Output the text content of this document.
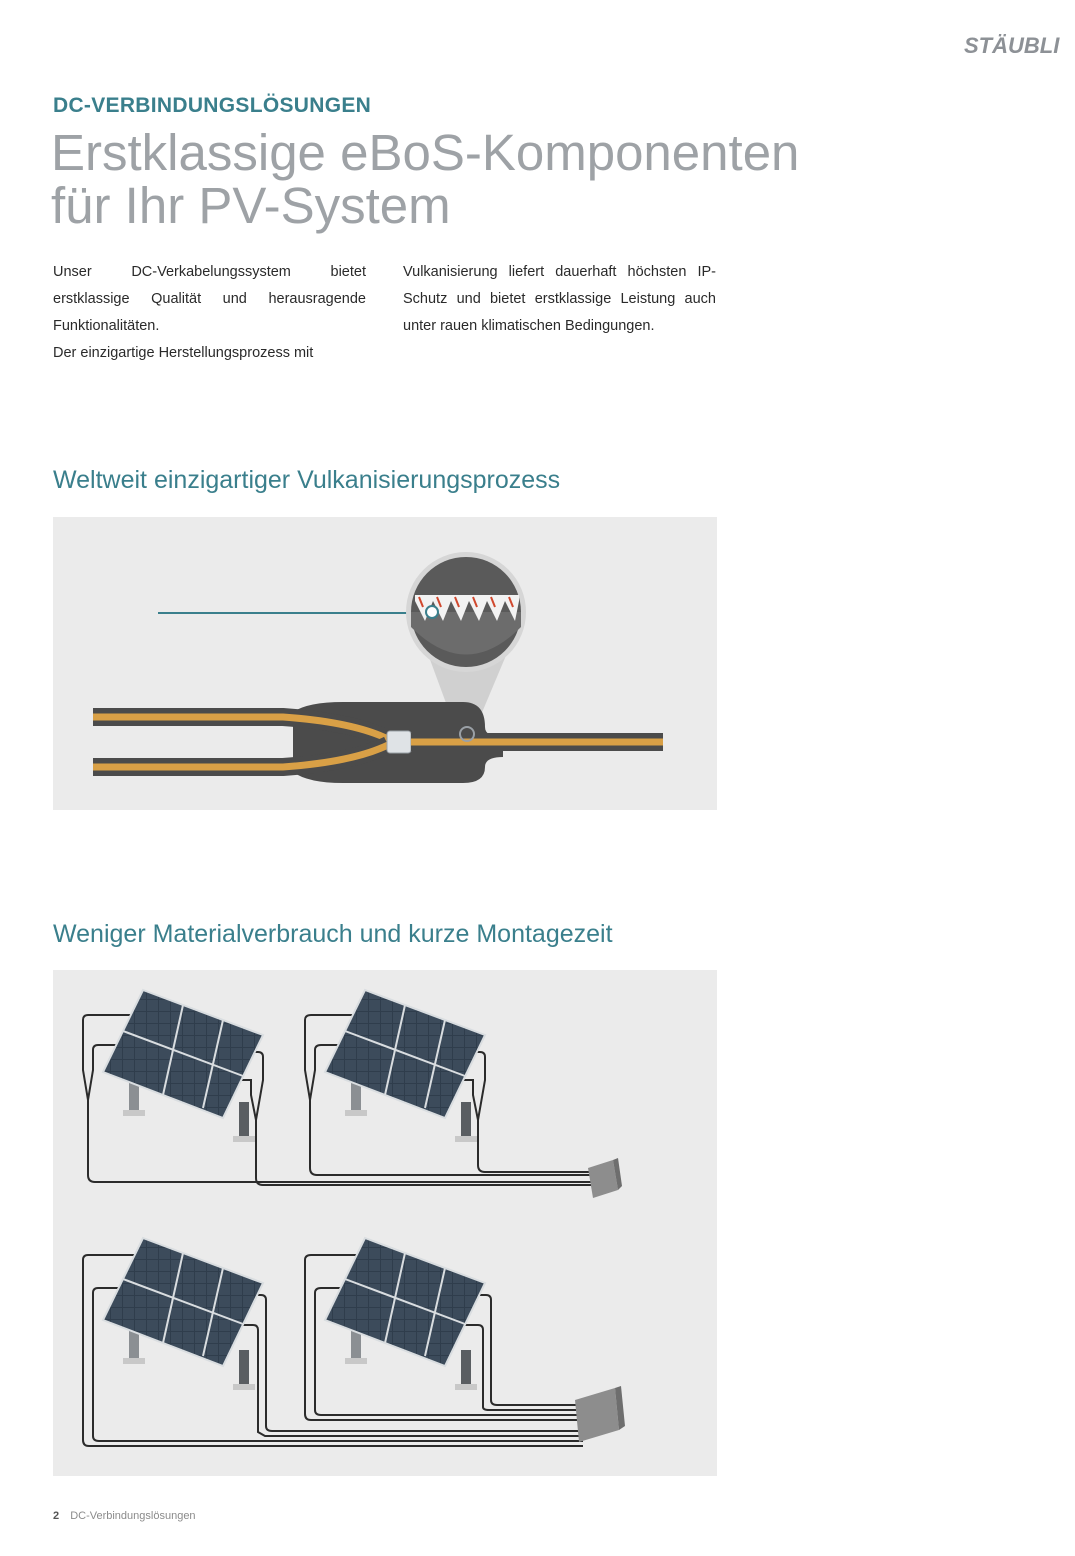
STÄUBLI
DC-VERBINDUNGSLÖSUNGEN
Erstklassige eBoS-Komponenten
für Ihr PV-System

Unser DC-Verkabelungssystem bietet erstklassige Qualität und herausragende Funktionalitäten.

Der einzigartige Herstellungsprozess mit

Vulkanisierung liefert dauerhaft höchsten IP-Schutz und bietet erstklassige Leistung auch unter rauen klimatischen Bedingungen.

Weltweit einzigartiger Vulkanisierungsprozess
Weniger Materialverbrauch und kurze Montagezeit
2 DC-Verbindungslösungen
